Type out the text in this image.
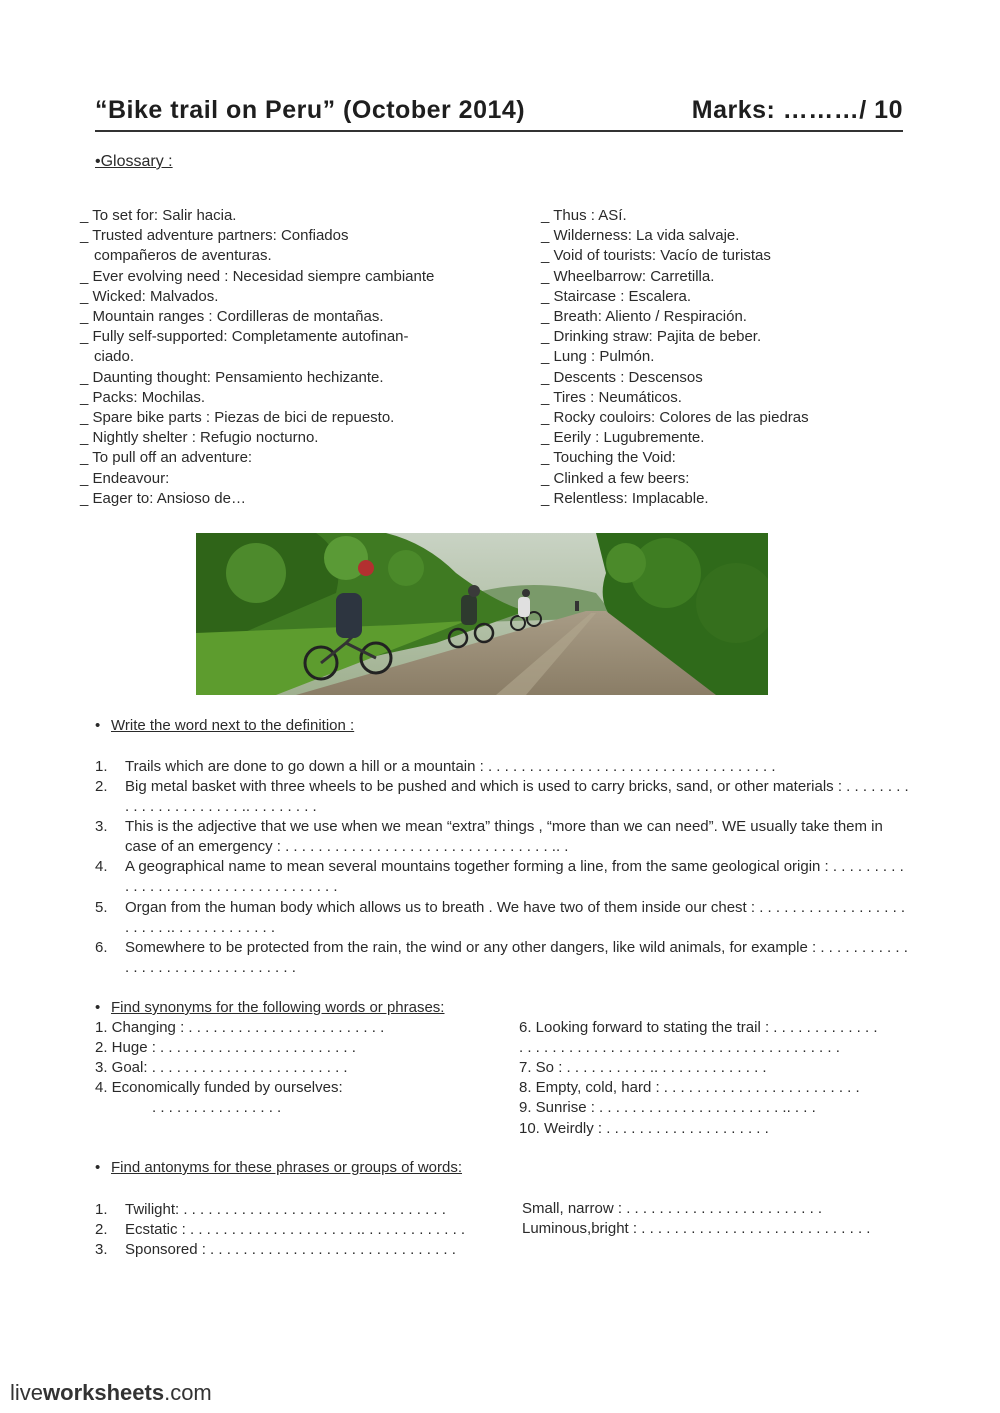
“Bike trail on Peru” (October 2014)	Marks: ………/ 10
•Glossary :
_ To set for: Salir hacia.
_ Trusted adventure partners: Confiados
compañeros de aventuras.
_ Ever evolving need : Necesidad siempre cambiante
_ Wicked: Malvados.
_ Mountain ranges : Cordilleras de montañas.
_ Fully self-supported: Completamente autofinan-
ciado.
_ Daunting thought: Pensamiento hechizante.
_ Packs: Mochilas.
_ Spare bike parts : Piezas de bici de repuesto.
_ Nightly shelter : Refugio nocturno.
_ To pull off an adventure:
_ Endeavour:
_ Eager to: Ansioso de…
_ Thus : ASí.
_ Wilderness: La vida salvaje.
_ Void of tourists: Vacío de turistas
_ Wheelbarrow: Carretilla.
_ Staircase : Escalera.
_ Breath: Aliento / Respiración.
_ Drinking straw: Pajita de beber.
_ Lung : Pulmón.
_ Descents : Descensos
_ Tires : Neumáticos.
_ Rocky couloirs: Colores de las piedras
_ Eerily : Lugubremente.
_ Touching the Void:
_ Clinked a few beers:
_ Relentless: Implacable.
• Write the word next to the definition :
1. Trails which are done to go down a hill or a mountain : . . . . . . . . . . . . . . . . . . . . . . . . . . . . . . . . . . .
2. Big metal basket with three wheels to be pushed and which is used to carry bricks, sand, or other materials : . . . . . . . . . . . . . . . . . . . . . . .. . . . . . . . .
3. This is the adjective that we use when we mean “extra” things , “more than we can need”. WE usually take them in case of an emergency : . . . . . . . . . . . . . . . . . . . . . . . . . . . . . . . . .. .
4. A geographical name to mean several mountains together forming a line, from the same geological origin : . . . . . . . . . . . . . . . . . . . . . . . . . . . . . . . . . . .
5. Organ from the human body which allows us to breath . We have two of them inside our chest : . . . . . . . . . . . . . . . . . . . . . . . .. . . . . . . . . . . . .
6. Somewhere to be protected from the rain, the wind or any other dangers, like wild animals, for example : . . . . . . . . . . . . . . . . . . . . . . . . . . . . . . . .
• Find synonyms for the following words or phrases:
1. Changing : . . . . . . . . . . . . . . . . . . . . . . . .
2. Huge : . . . . . . . . . . . . . . . . . . . . . . . .
3. Goal: . . . . . . . . . . . . . . . . . . . . . . . .
4. Economically funded by ourselves:
. . . . . . . . . . . . . . . .
6. Looking forward to stating the trail : . . . . . . . . . . . . .
. . . . . . . . . . . . . . . . . . . . . . . . . . . . . . . . . . . . . . .
7. So : . . . . . . . . . . .. . . . . . . . . . . . . .
8. Empty, cold, hard : . . . . . . . . . . . . . . . . . . . . . . . .
9. Sunrise : . . . . . . . . . . . . . . . . . . . . . . .. . . .
10. Weirdly : . . . . . . . . . . . . . . . . . . . .
• Find antonyms for these phrases or groups of words:
1. Twilight: . . . . . . . . . . . . . . . . . . . . . . . . . . . . . . . .
2. Ecstatic : . . . . . . . . . . . . . . . . . . . . .. . . . . . . . . . . . .
3. Sponsored : . . . . . . . . . . . . . . . . . . . . . . . . . . . . . .
Small, narrow : . . . . . . . . . . . . . . . . . . . . . . . .
Luminous,bright : . . . . . . . . . . . . . . . . . . . . . . . . . . . .
liveworksheets.com
